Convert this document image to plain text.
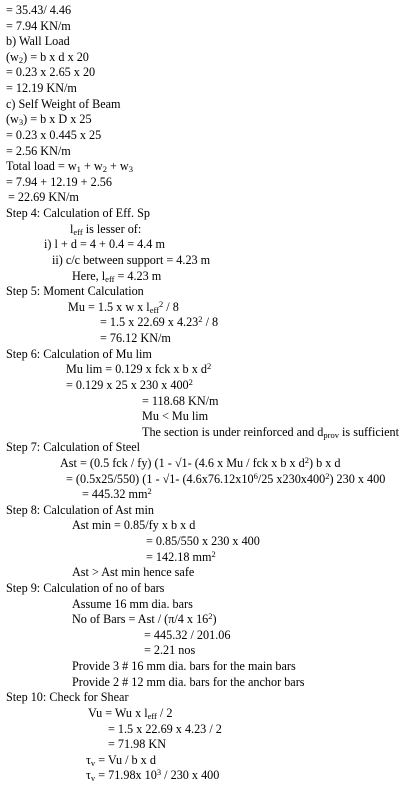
= 35.43/ 4.46
= 7.94 KN/m
b) Wall Load
$(w_2) = b$ x d x 20
= 0.23 x 2.65 x 20
= 12.19 KN/m
c) Self Weight of Beam
$(w_3) = b$ x D x 25
= 0.23 x 0.445 x 25
= 2.56 KN/m
Total load = $w_1 + w_2 + w_3$
= 7.94 + 12.19 + 2.56
= 22.69 KN/m
Step 4: Calculation of Eff. Sp
$l_{eff}$ is lesser of:
i) l + d = 4 + 0.4 = 4.4 m
ii) c/c between support = 4.23 m
Here, $l_{eff} = 4.23$ m
Step 5: Moment Calculation
Mu = 1.5 x w x $l_{eff}^2 / 8$
= 1.5 x 22.69 x 4.23$^2$ / 8
= 76.12 KN/m
Step 6: Calculation of Mu lim
Mu lim = 0.129 x fck x b x $d^2$
= 0.129 x 25 x 230 x $400^2$
= 118.68 KN/m
Mu < Mu lim
The section is under reinforced and $d_{prov}$ is sufficient
Step 7: Calculation of Steel
Ast = (0.5 fck / fy) (1 - √1- (4.6 x Mu / fck x b x $d^2$) b x d
= (0.5x25/550) (1 - √1- ($4.6x76.12x10^6/25$ $x230x400^2$) 230 x 400
= 445.32 $mm^2$
Step 8: Calculation of Ast min
Ast min = 0.85/fy x b x d
= 0.85/550 x 230 x 400
= 142.18 $mm^2$
Ast > Ast min hence safe
Step 9: Calculation of no of bars
Assume 16 mm dia. bars
No of Bars = Ast / (π/4 x $16^2$)
= 445.32 / 201.06
= 2.21 nos
Provide 3 # 16 mm dia. bars for the main bars
Provide 2 # 12 mm dia. bars for the anchor bars
Step 10: Check for Shear
Vu = Wu x $l_{eff} / 2$
= 1.5 x 22.69 x 4.23 / 2
= 71.98 KN
$\tau_v = Vu / b$ x d
$\tau_v = 71.98x$ $10^3 / 230$ x 400
